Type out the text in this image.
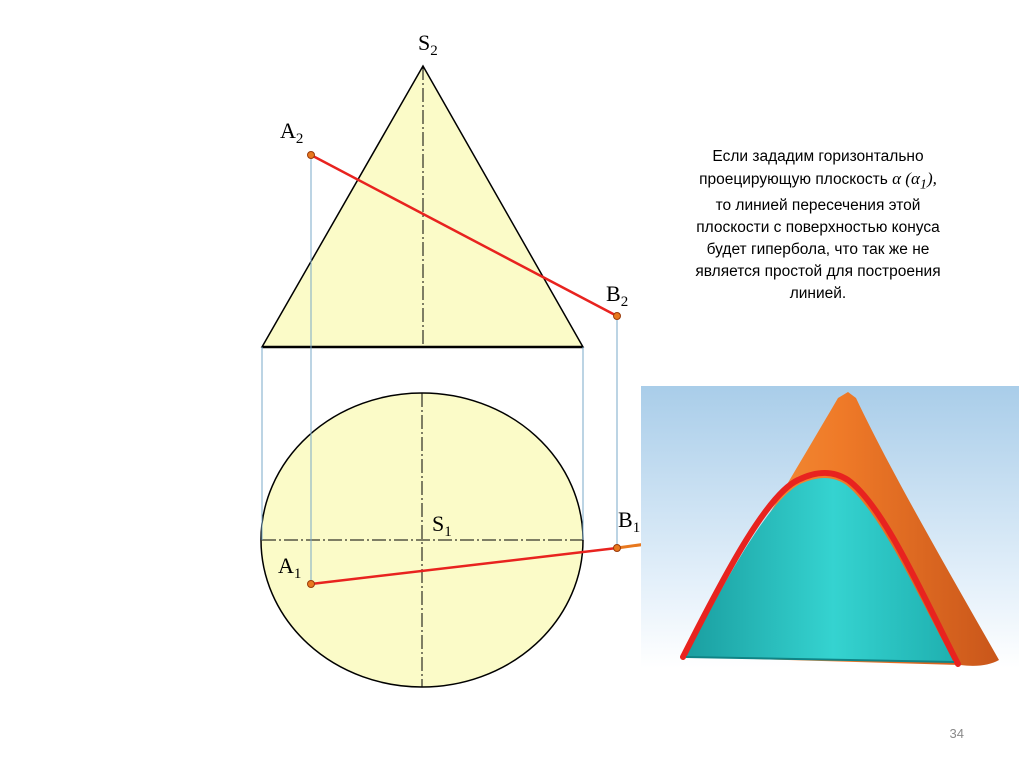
$S_2$
$A_2$
$B_2$
$S_1$
$A_1$
$B_1$

Если зададим горизонтально
проецирующую плоскость α $(\alpha_1)$,
то линией пересечения этой
плоскости с поверхностью конуса
будет гипербола, что так же не
является простой для построения
линией.

34
